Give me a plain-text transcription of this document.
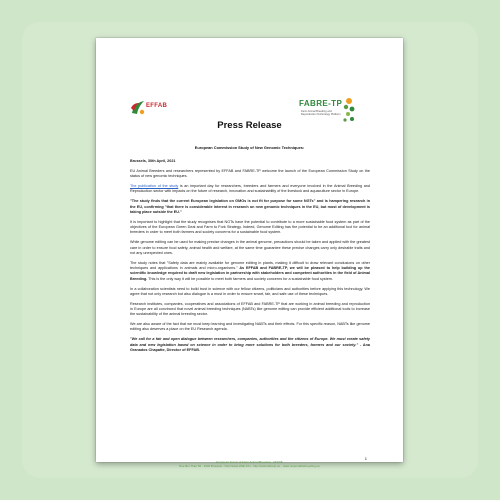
EFFAB	FABRE-TP
Farm Animal Breeding and Reproduction Technology Platform
Press Release
European Commission Study of New Genomic Techniques:

Brussels, 30th April, 2021

EU Animal Breeders and researchers represented by EFFAB and FABRE-TP welcome the launch of the European Commission Study on the status of new genomic techniques.

The publication of the study is an important day for researchers, breeders and farmers and everyone involved in the Animal Breeding and Reproduction sector with impacts on the future of research, innovation and sustainability of the livestock and aquaculture sector in Europe.

"The study finds that the current European legislation on GMOs is not fit for purpose for some NGTs" and is hampering research in the EU, confirming "that there is considerable interest in research on new genomic techniques in the EU, but most of development is taking place outside the EU."

It is important to highlight that the study recognises that NGTs have the potential to contribute to a more sustainable food system as part of the objectives of the European Green Deal and Farm to Fork Strategy. Indeed, Genome Editing has the potential to be an additional tool for animal breeders in order to meet both farmers and society concerns for a sustainable food system.

While genome editing can be used for making precise changes in the animal genome, precautions should be taken and applied with the greatest care in order to ensure food safety, animal health and welfare, at the same time guarantee these precise changes carry only desirable traits and not any unexpected ones.

The study notes that "Safety data are mainly available for genome editing in plants, making it difficult to draw relevant conclusions on other techniques and applications in animals and micro-organisms." As EFFAB and FABRE-TP, we will be pleased to help building up the scientific knowledge required to draft new legislation in partnership with stakeholders and competent authorities in the field of Animal Breeding. This is the only way it will be possible to meet both farmers and society concerns for a sustainable food system.

In a collaboration scientists need to build trust in science with our fellow citizens, politicians and authorities before applying this technology. We agree that not only research but also dialogue is a must in order to ensure smart, fair, and safe use of these techniques.

Research institutes, companies, cooperatives and associations of EFFAB and FABRE-TP that are working in animal breeding and reproduction in Europe are all convinced that novel animal breeding techniques (NABTs) like genome editing can provide efficient additional tools to increase the sustainability of the animal breeding sector.

We are also aware of the fact that we must keep learning and investigating NABTs and their effects. For this specific reason, NABTs like genome editing also deserves a place on the EU Research agenda.

"We call for a fair and open dialogue between researchers, companies, authorities and the citizens of Europe. We must create safety data and new legislation based on science in order to bring more solutions for both breeders, farmers and our society." - Ana Granados Chapatte, Director of EFFAB.

1
European Forum of Farm Animal Breeders - EFFAB
Rue Ber Thier 56 - 1040 Brussels - http://www.effab.info - http://www.fabretp.eu - www.responsiblebreeding.eu
